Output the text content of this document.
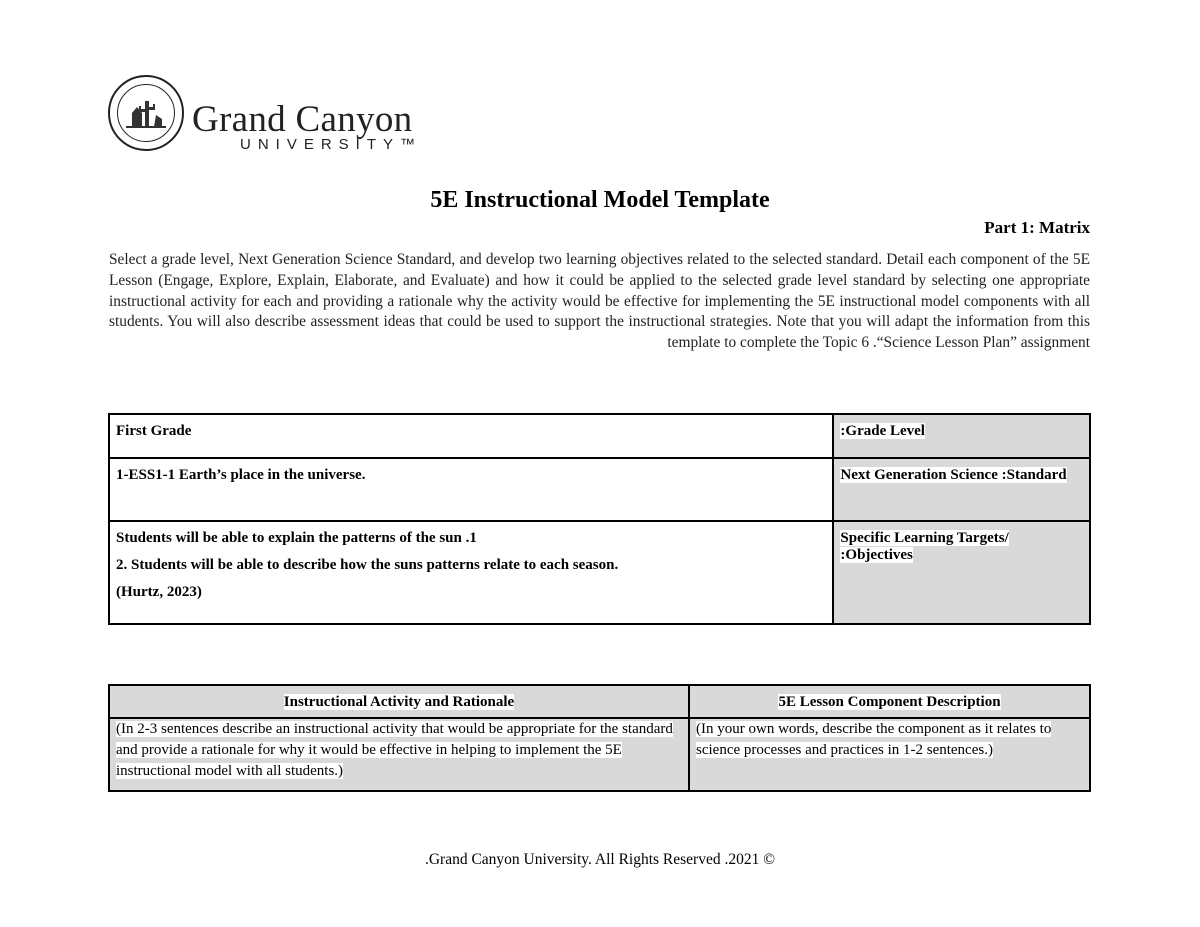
Grand Canyon
UNIVERSITY™
5E Instructional Model Template
Part 1: Matrix
Select a grade level, Next Generation Science Standard, and develop two learning objectives related to the selected standard. Detail each component of the 5E Lesson (Engage, Explore, Explain, Elaborate, and Evaluate) and how it could be applied to the selected grade level standard by selecting one appropriate instructional activity for each and providing a rationale why the activity would be effective for implementing the 5E instructional model components with all students. You will also describe assessment ideas that could be used to support the instructional strategies. Note that you will adapt the information from this template to complete the Topic 6 .“Science Lesson Plan” assignment
First Grade	:Grade Level
1-ESS1-1 Earth’s place in the universe.	Next Generation Science :Standard

Students will be able to explain the patterns of the sun .1
2. Students will be able to describe how the suns patterns relate to each season.
(Hurtz, 2023)	Specific Learning Targets/ :Objectives
Instructional Activity and Rationale	5E Lesson Component Description
(In 2-3 sentences describe an instructional activity that would be appropriate for the standard and provide a rationale for why it would be effective in helping to implement the 5E instructional model with all students.)	(In your own words, describe the component as it relates to science processes and practices in 1-2 sentences.)
.Grand Canyon University. All Rights Reserved .2021 ©
